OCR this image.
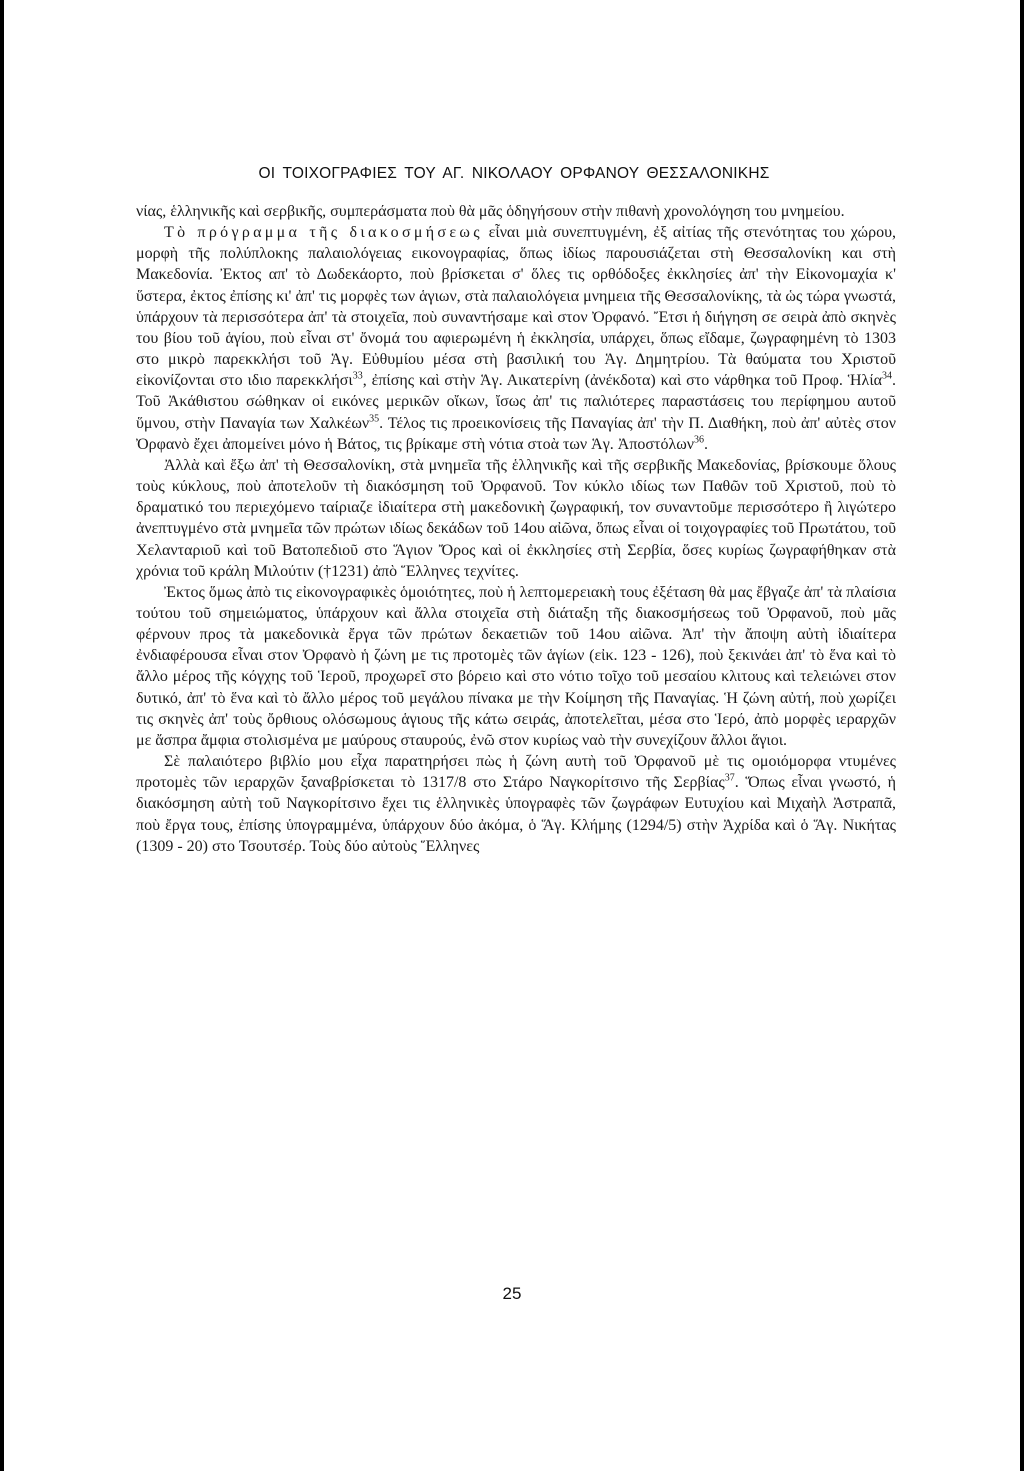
ΟΙ ΤΟΙΧΟΓΡΑΦΙΕΣ ΤΟΥ ΑΓ. ΝΙΚΟΛΑΟΥ ΟΡΦΑΝΟΥ ΘΕΣΣΑΛΟΝΙΚΗΣ

νίας, ἑλληνικῆς καὶ σερβικῆς, συμπεράσματα ποὺ θὰ μᾶς ὁδηγήσουν στὴν πιθανὴ χρονολόγηση του μνημείου.

Τὸ πρόγραμμα τῆς διακοσμήσεως εἶναι μιὰ συνεπτυγμένη, ἐξ αἰτίας τῆς στενότητας του χώρου, μορφὴ τῆς πολύπλοκης παλαιολόγειας εικονογραφίας, ὅπως ἰδίως παρουσιάζεται στὴ Θεσσαλονίκη και στὴ Μακεδονία. Ἐκτος απ' τὸ Δωδεκάορτο, ποὺ βρίσκεται σ' ὅλες τις ορθόδοξες ἐκκλησίες ἀπ' τὴν Εἰκονομαχία κ' ὕστερα, ἐκτος ἐπίσης κι' ἀπ' τις μορφὲς των ἁγιων, στὰ παλαιολόγεια μνημεια τῆς Θεσσαλονίκης, τὰ ὡς τώρα γνωστά, ὑπάρχουν τὰ περισσότερα ἀπ' τὰ στοιχεῖα, ποὺ συναντήσαμε καὶ στον Ὀρφανό. Ἔτσι ἡ διήγηση σε σειρὰ ἀπὸ σκηνὲς του βίου τοῦ ἁγίου, ποὺ εἶναι στ' ὄνομά του αφιερωμένη ἡ ἐκκλησία, υπάρχει, ὅπως εἴδαμε, ζωγραφημένη τὸ 1303 στο μικρὸ παρεκκλήσι τοῦ Ἁγ. Εὐθυμίου μέσα στὴ βασιλική του Ἁγ. Δημητρίου. Τὰ θαύματα του Χριστοῦ εἰκονίζονται στο ιδιο παρεκκλήσι$^{33}$, ἐπίσης καὶ στὴν Ἁγ. Αικατερίνη (ἀνέκδοτα) καὶ στο νάρθηκα τοῦ Προφ. Ἡλία$^{34}$. Τοῦ Ἀκάθιστου σώθηκαν οἱ εικόνες μερικῶν οἴκων, ἴσως ἀπ' τις παλιότερες παραστάσεις του περίφημου αυτοῦ ὕμνου, στὴν Παναγία των Χαλκέων$^{35}$. Τέλος τις προεικονίσεις τῆς Παναγίας ἀπ' τὴν Π. Διαθήκη, ποὺ ἀπ' αὐτὲς στον Ὀρφανὸ ἔχει ἀπομείνει μόνο ἡ Βάτος, τις βρίκαμε στὴ νότια στοὰ των Ἁγ. Ἀποστόλων$^{36}$.

Ἀλλὰ καὶ ἔξω ἀπ' τὴ Θεσσαλονίκη, στὰ μνημεῖα τῆς ἑλληνικῆς καὶ τῆς σερβικῆς Μακεδονίας, βρίσκουμε ὅλους τοὺς κύκλους, ποὺ ἀποτελοῦν τὴ διακόσμηση τοῦ Ὀρφανοῦ. Τον κύκλο ιδίως των Παθῶν τοῦ Χριστοῦ, ποὺ τὸ δραματικό του περιεχόμενο ταίριαζε ἰδιαίτερα στὴ μακεδονικὴ ζωγραφική, τον συναντοῦμε περισσότερο ἢ λιγώτερο ἀνεπτυγμένο στὰ μνημεῖα τῶν πρώτων ιδίως δεκάδων τοῦ 14ου αἰῶνα, ὅπως εἶναι οἱ τοιχογραφίες τοῦ Πρωτάτου, τοῦ Χελανταριοῦ καὶ τοῦ Βατοπεδιοῦ στο Ἅγιον Ὄρος καὶ οἱ ἐκκλησίες στὴ Σερβία, ὅσες κυρίως ζωγραφήθηκαν στὰ χρόνια τοῦ κράλη Μιλούτιν (†1231) ἀπὸ Ἕλληνες τεχνίτες.

Ἐκτος ὅμως ἀπὸ τις εἰκονογραφικὲς ὁμοιότητες, ποὺ ἡ λεπτομερειακὴ τους ἐξέταση θὰ μας ἔβγαζε ἀπ' τὰ πλαίσια τούτου τοῦ σημειώματος, ὑπάρχουν καὶ ἄλλα στοιχεῖα στὴ διάταξη τῆς διακοσμήσεως τοῦ Ὀρφανοῦ, ποὺ μᾶς φέρνουν προς τὰ μακεδονικὰ ἔργα τῶν πρώτων δεκαετιῶν τοῦ 14ου αἰῶνα. Ἀπ' τὴν ἄποψη αὐτὴ ἰδιαίτερα ἐνδιαφέρουσα εἶναι στον Ὀρφανὸ ἡ ζώνη με τις προτομὲς τῶν ἁγίων (εἰκ. 123 - 126), ποὺ ξεκινάει ἀπ' τὸ ἕνα καὶ τὸ ἄλλο μέρος τῆς κόγχης τοῦ Ἱεροῦ, προχωρεῖ στο βόρειο καὶ στο νότιο τοῖχο τοῦ μεσαίου κλιτους καὶ τελειώνει στον δυτικό, ἀπ' τὸ ἕνα καὶ τὸ ἄλλο μέρος τοῦ μεγάλου πίνακα με τὴν Κοίμηση τῆς Παναγίας. Ἡ ζώνη αὐτή, ποὺ χωρίζει τις σκηνὲς ἀπ' τοὺς ὄρθιους ολόσωμους ἁγιους τῆς κάτω σειράς, ἀποτελεῖται, μέσα στο Ἱερό, ἀπὸ μορφὲς ιεραρχῶν με ἄσπρα ἄμφια στολισμένα με μαύρους σταυρούς, ἐνῶ στον κυρίως ναὸ τὴν συνεχίζουν ἄλλοι ἅγιοι.

Σὲ παλαιότερο βιβλίο μου εἶχα παρατηρήσει πὼς ἡ ζώνη αυτὴ τοῦ Ὀρφανοῦ μὲ τις ομοιόμορφα ντυμένες προτομὲς τῶν ιεραρχῶν ξαναβρίσκεται τὸ 1317/8 στο Στάρο Ναγκορίτσινο τῆς Σερβίας$^{37}$. Ὅπως εἶναι γνωστό, ἡ διακόσμηση αὐτὴ τοῦ Ναγκορίτσινο ἔχει τις ἑλληνικὲς ὑπογραφὲς τῶν ζωγράφων Ευτυχίου καὶ Μιχαὴλ Ἀστραπᾶ, ποὺ ἔργα τους, ἐπίσης ὑπογραμμένα, ὑπάρχουν δύο ἀκόμα, ὁ Ἅγ. Κλήμης (1294/5) στὴν Ἀχρίδα καὶ ὁ Ἅγ. Νικήτας (1309 - 20) στο Τσουτσέρ. Τοὺς δύο αὐτοὺς Ἕλληνες

25
